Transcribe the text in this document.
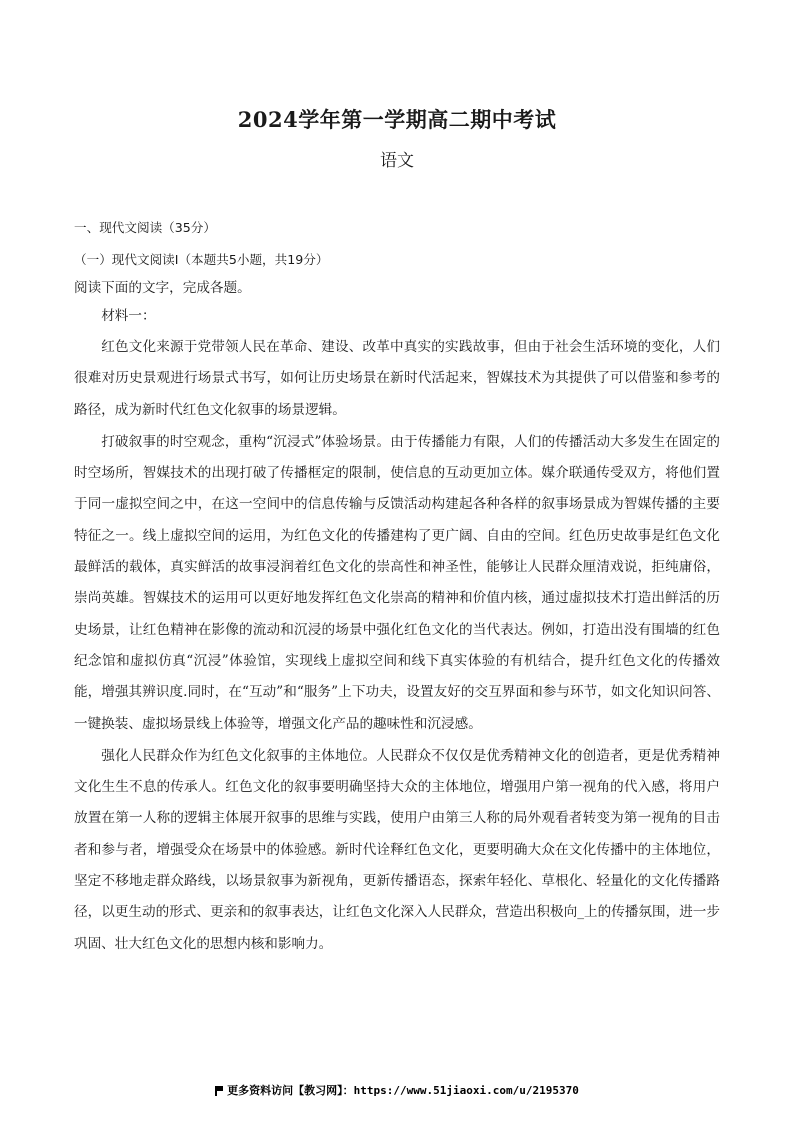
2024学年第一学期高二期中考试
语文
一、现代文阅读（35分）
（一）现代文阅读Ⅰ（本题共5小题，共19分）
阅读下面的文字，完成各题。
材料一：

红色文化来源于党带领人民在革命、建设、改革中真实的实践故事，但由于社会生活环境的变化，人们很难对历史景观进行场景式书写，如何让历史场景在新时代活起来，智媒技术为其提供了可以借鉴和参考的路径，成为新时代红色文化叙事的场景逻辑。

打破叙事的时空观念，重构“沉浸式”体验场景。由于传播能力有限，人们的传播活动大多发生在固定的时空场所，智媒技术的出现打破了传播框定的限制，使信息的互动更加立体。媒介联通传受双方，将他们置于同一虚拟空间之中，在这一空间中的信息传输与反馈活动构建起各种各样的叙事场景成为智媒传播的主要特征之一。线上虚拟空间的运用，为红色文化的传播建构了更广阔、自由的空间。红色历史故事是红色文化最鲜活的载体，真实鲜活的故事浸润着红色文化的崇高性和神圣性，能够让人民群众厘清戏说，拒纯庸俗，崇尚英雄。智媒技术的运用可以更好地发挥红色文化崇高的精神和价值内核，通过虚拟技术打造出鲜活的历史场景，让红色精神在影像的流动和沉浸的场景中强化红色文化的当代表达。例如，打造出没有围墙的红色纪念馆和虚拟仿真“沉浸”体验馆，实现线上虚拟空间和线下真实体验的有机结合，提升红色文化的传播效能，增强其辨识度.同时，在“互动”和“服务”上下功夫，设置友好的交互界面和参与环节，如文化知识问答、一键换装、虚拟场景线上体验等，增强文化产品的趣味性和沉浸感。

强化人民群众作为红色文化叙事的主体地位。人民群众不仅仅是优秀精神文化的创造者，更是优秀精神文化生生不息的传承人。红色文化的叙事要明确坚持大众的主体地位，增强用户第一视角的代入感，将用户放置在第一人称的逻辑主体展开叙事的思维与实践，使用户由第三人称的局外观看者转变为第一视角的目击者和参与者，增强受众在场景中的体验感。新时代诠释红色文化，更要明确大众在文化传播中的主体地位，坚定不移地走群众路线，以场景叙事为新视角，更新传播语态，探索年轻化、草根化、轻量化的文化传播路径，以更生动的形式、更亲和的叙事表达，让红色文化深入人民群众，营造出积极向_上的传播氛围，进一步巩固、壮大红色文化的思想内核和影响力。

更多资料访问【教习网】：https://www.51jiaoxi.com/u/2195370
